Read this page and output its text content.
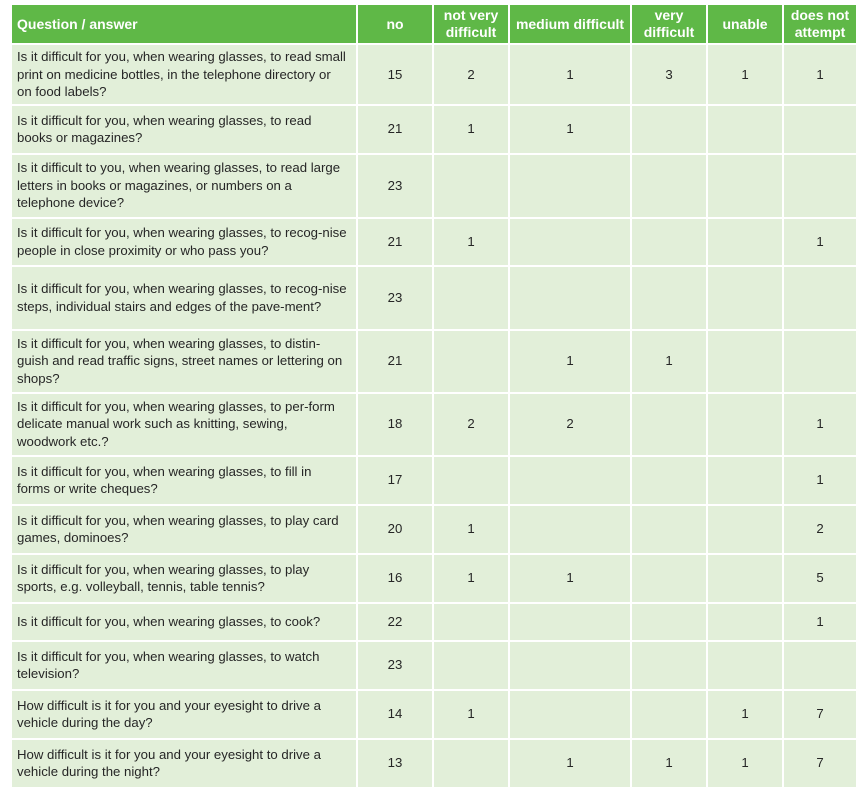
Question / answer	no	not very difficult	medium difficult	very difficult	unable	does not attempt
Is it difficult for you, when wearing glasses, to read small print on medicine bottles, in the telephone directory or on food labels?	15	2	1	3	1	1
Is it difficult for you, when wearing glasses, to read books or magazines?	21	1	1			
Is it difficult to you, when wearing glasses, to read large letters in books or magazines, or numbers on a telephone device?	23					
Is it difficult for you, when wearing glasses, to recog-nise people in close proximity or who pass you?	21	1				1
Is it difficult for you, when wearing glasses, to recog-nise steps, individual stairs and edges of the pave-ment?	23					
Is it difficult for you, when wearing glasses, to distin-guish and read traffic signs, street names or lettering on shops?	21		1	1		
Is it difficult for you, when wearing glasses, to per-form delicate manual work such as knitting, sewing, woodwork etc.?	18	2	2			1
Is it difficult for you, when wearing glasses, to fill in forms or write cheques?	17					1
Is it difficult for you, when wearing glasses, to play card games, dominoes?	20	1				2
Is it difficult for you, when wearing glasses, to play sports, e.g. volleyball, tennis, table tennis?	16	1	1			5
Is it difficult for you, when wearing glasses, to cook?	22					1
Is it difficult for you, when wearing glasses, to watch television?	23					
How difficult is it for you and your eyesight to drive a vehicle during the day?	14	1			1	7
How difficult is it for you and your eyesight to drive a vehicle during the night?	13		1	1	1	7
